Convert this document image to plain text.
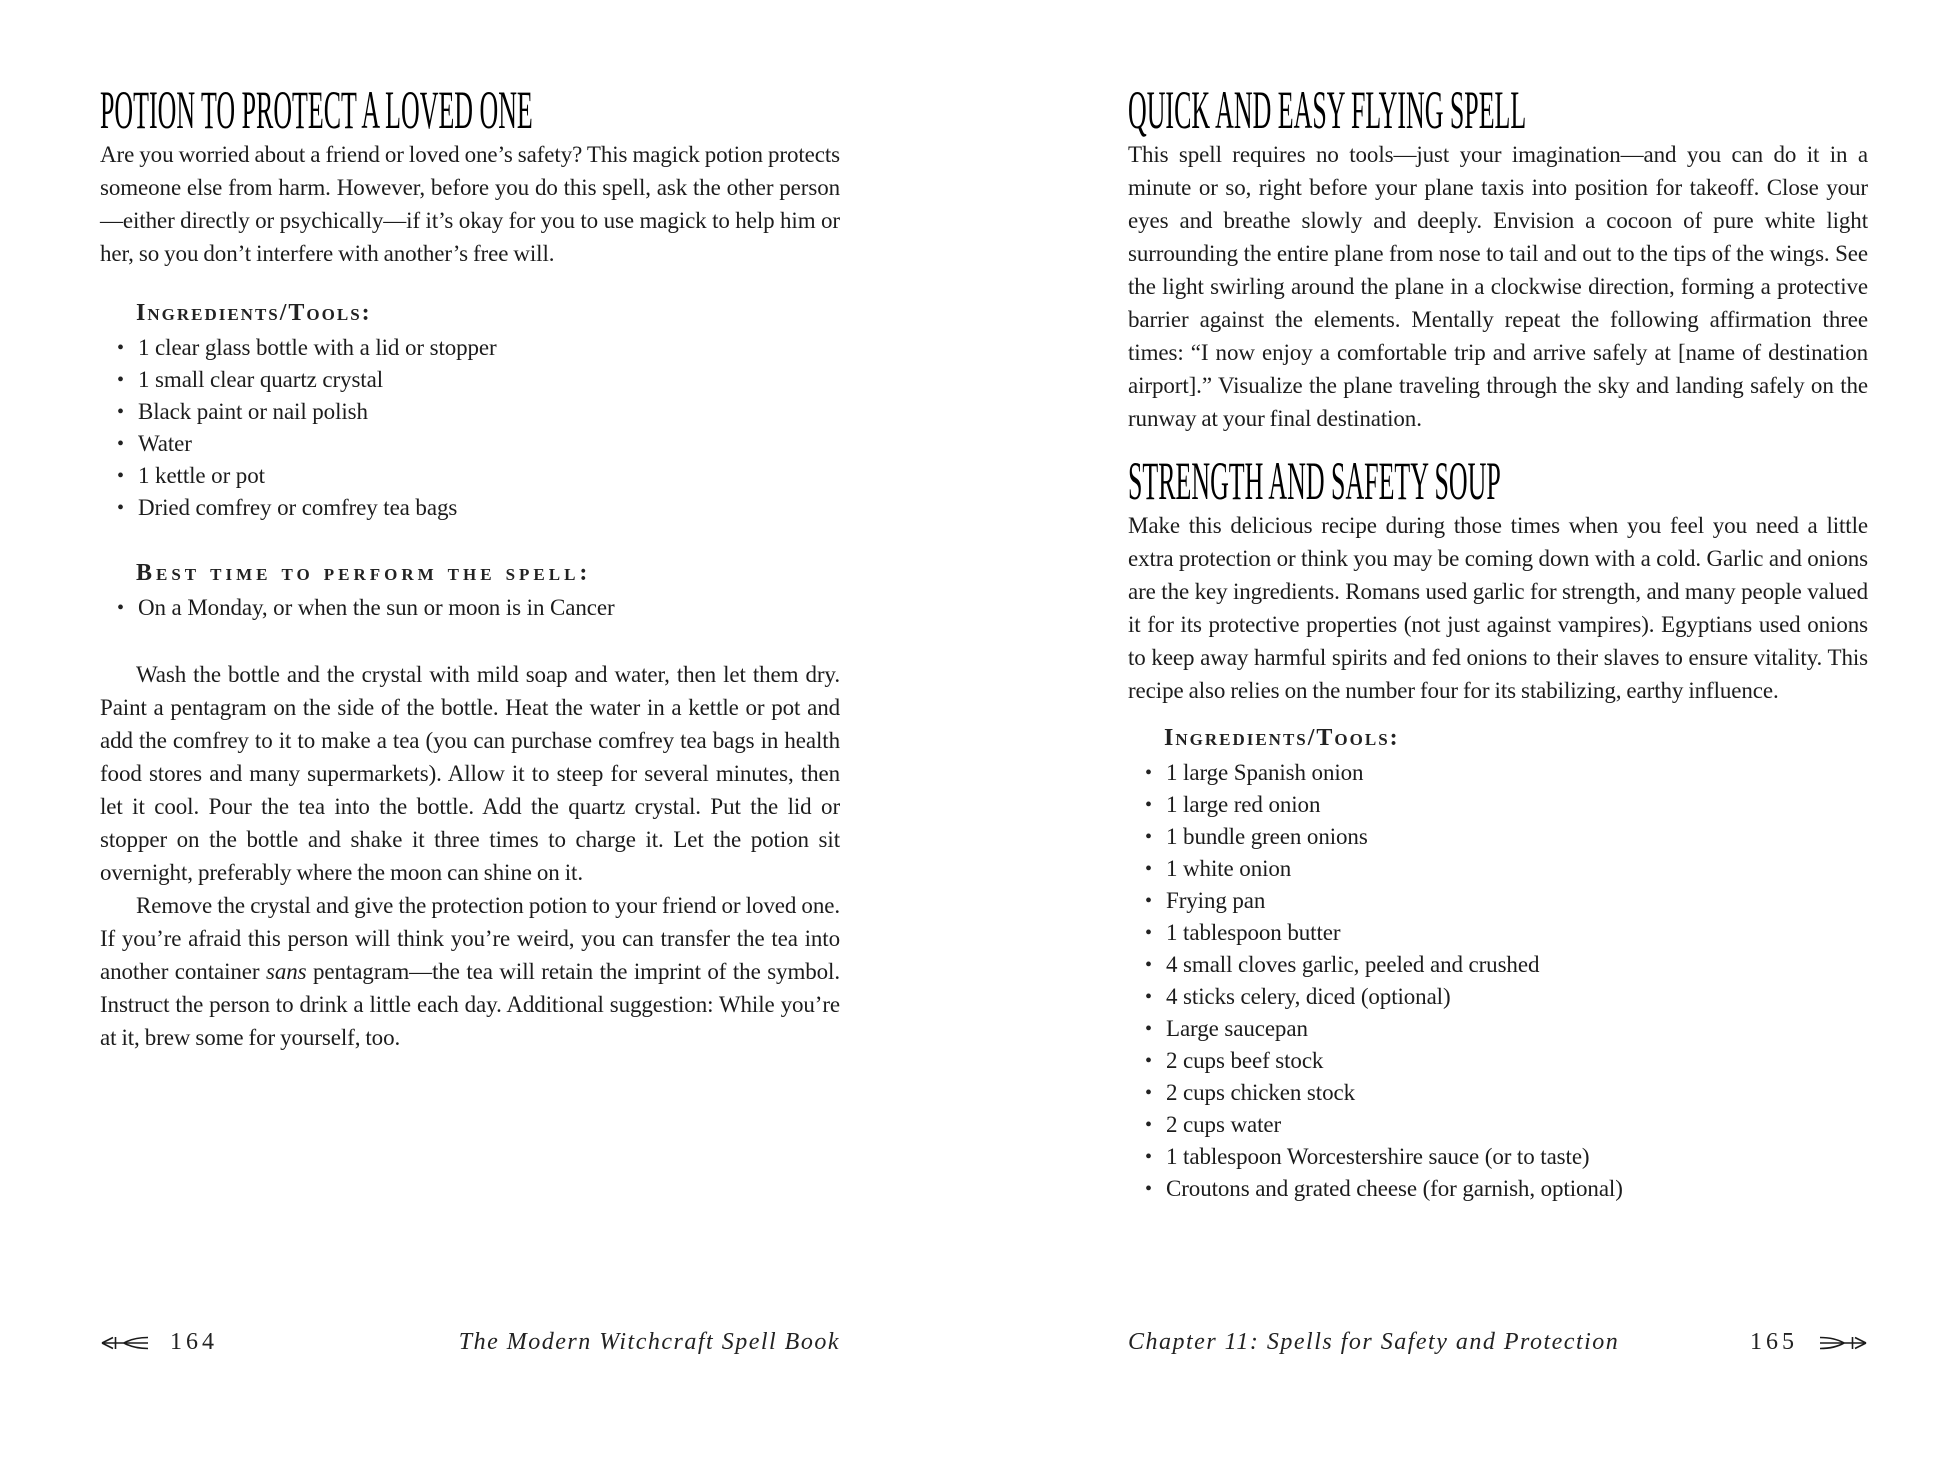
POTION TO PROTECT A LOVED ONE

Are you worried about a friend or loved one’s safety? This magick potion protects someone else from harm. However, before you do this spell, ask the other person—either directly or psychically—if it’s okay for you to use magick to help him or her, so you don’t interfere with another’s free will.

Ingredients/Tools:
• 1 clear glass bottle with a lid or stopper
• 1 small clear quartz crystal
• Black paint or nail polish
• Water
• 1 kettle or pot
• Dried comfrey or comfrey tea bags
Best time to perform the spell:
• On a Monday, or when the sun or moon is in Cancer

Wash the bottle and the crystal with mild soap and water, then let them dry. Paint a pentagram on the side of the bottle. Heat the water in a kettle or pot and add the comfrey to it to make a tea (you can purchase comfrey tea bags in health food stores and many supermarkets). Allow it to steep for several minutes, then let it cool. Pour the tea into the bottle. Add the quartz crystal. Put the lid or stopper on the bottle and shake it three times to charge it. Let the potion sit overnight, preferably where the moon can shine on it.

Remove the crystal and give the protection potion to your friend or loved one. If you’re afraid this person will think you’re weird, you can transfer the tea into another container sans pentagram—the tea will retain the imprint of the symbol. Instruct the person to drink a little each day. Additional suggestion: While you’re at it, brew some for yourself, too.

QUICK AND EASY FLYING SPELL

This spell requires no tools—just your imagination—and you can do it in a minute or so, right before your plane taxis into position for takeoff. Close your eyes and breathe slowly and deeply. Envision a cocoon of pure white light surrounding the entire plane from nose to tail and out to the tips of the wings. See the light swirling around the plane in a clockwise direction, forming a protective barrier against the elements. Mentally repeat the following affirmation three times: “I now enjoy a comfortable trip and arrive safely at [name of destination airport].” Visualize the plane traveling through the sky and landing safely on the runway at your final destination.

STRENGTH AND SAFETY SOUP

Make this delicious recipe during those times when you feel you need a little extra protection or think you may be coming down with a cold. Garlic and onions are the key ingredients. Romans used garlic for strength, and many people valued it for its protective properties (not just against vampires). Egyptians used onions to keep away harmful spirits and fed onions to their slaves to ensure vitality. This recipe also relies on the number four for its stabilizing, earthy influence.

Ingredients/Tools:
• 1 large Spanish onion
• 1 large red onion
• 1 bundle green onions
• 1 white onion
• Frying pan
• 1 tablespoon butter
• 4 small cloves garlic, peeled and crushed
• 4 sticks celery, diced (optional)
• Large saucepan
• 2 cups beef stock
• 2 cups chicken stock
• 2 cups water
• 1 tablespoon Worcestershire sauce (or to taste)
• Croutons and grated cheese (for garnish, optional)
164	The Modern Witchcraft Spell Book	Chapter 11: Spells for Safety and Protection	165
